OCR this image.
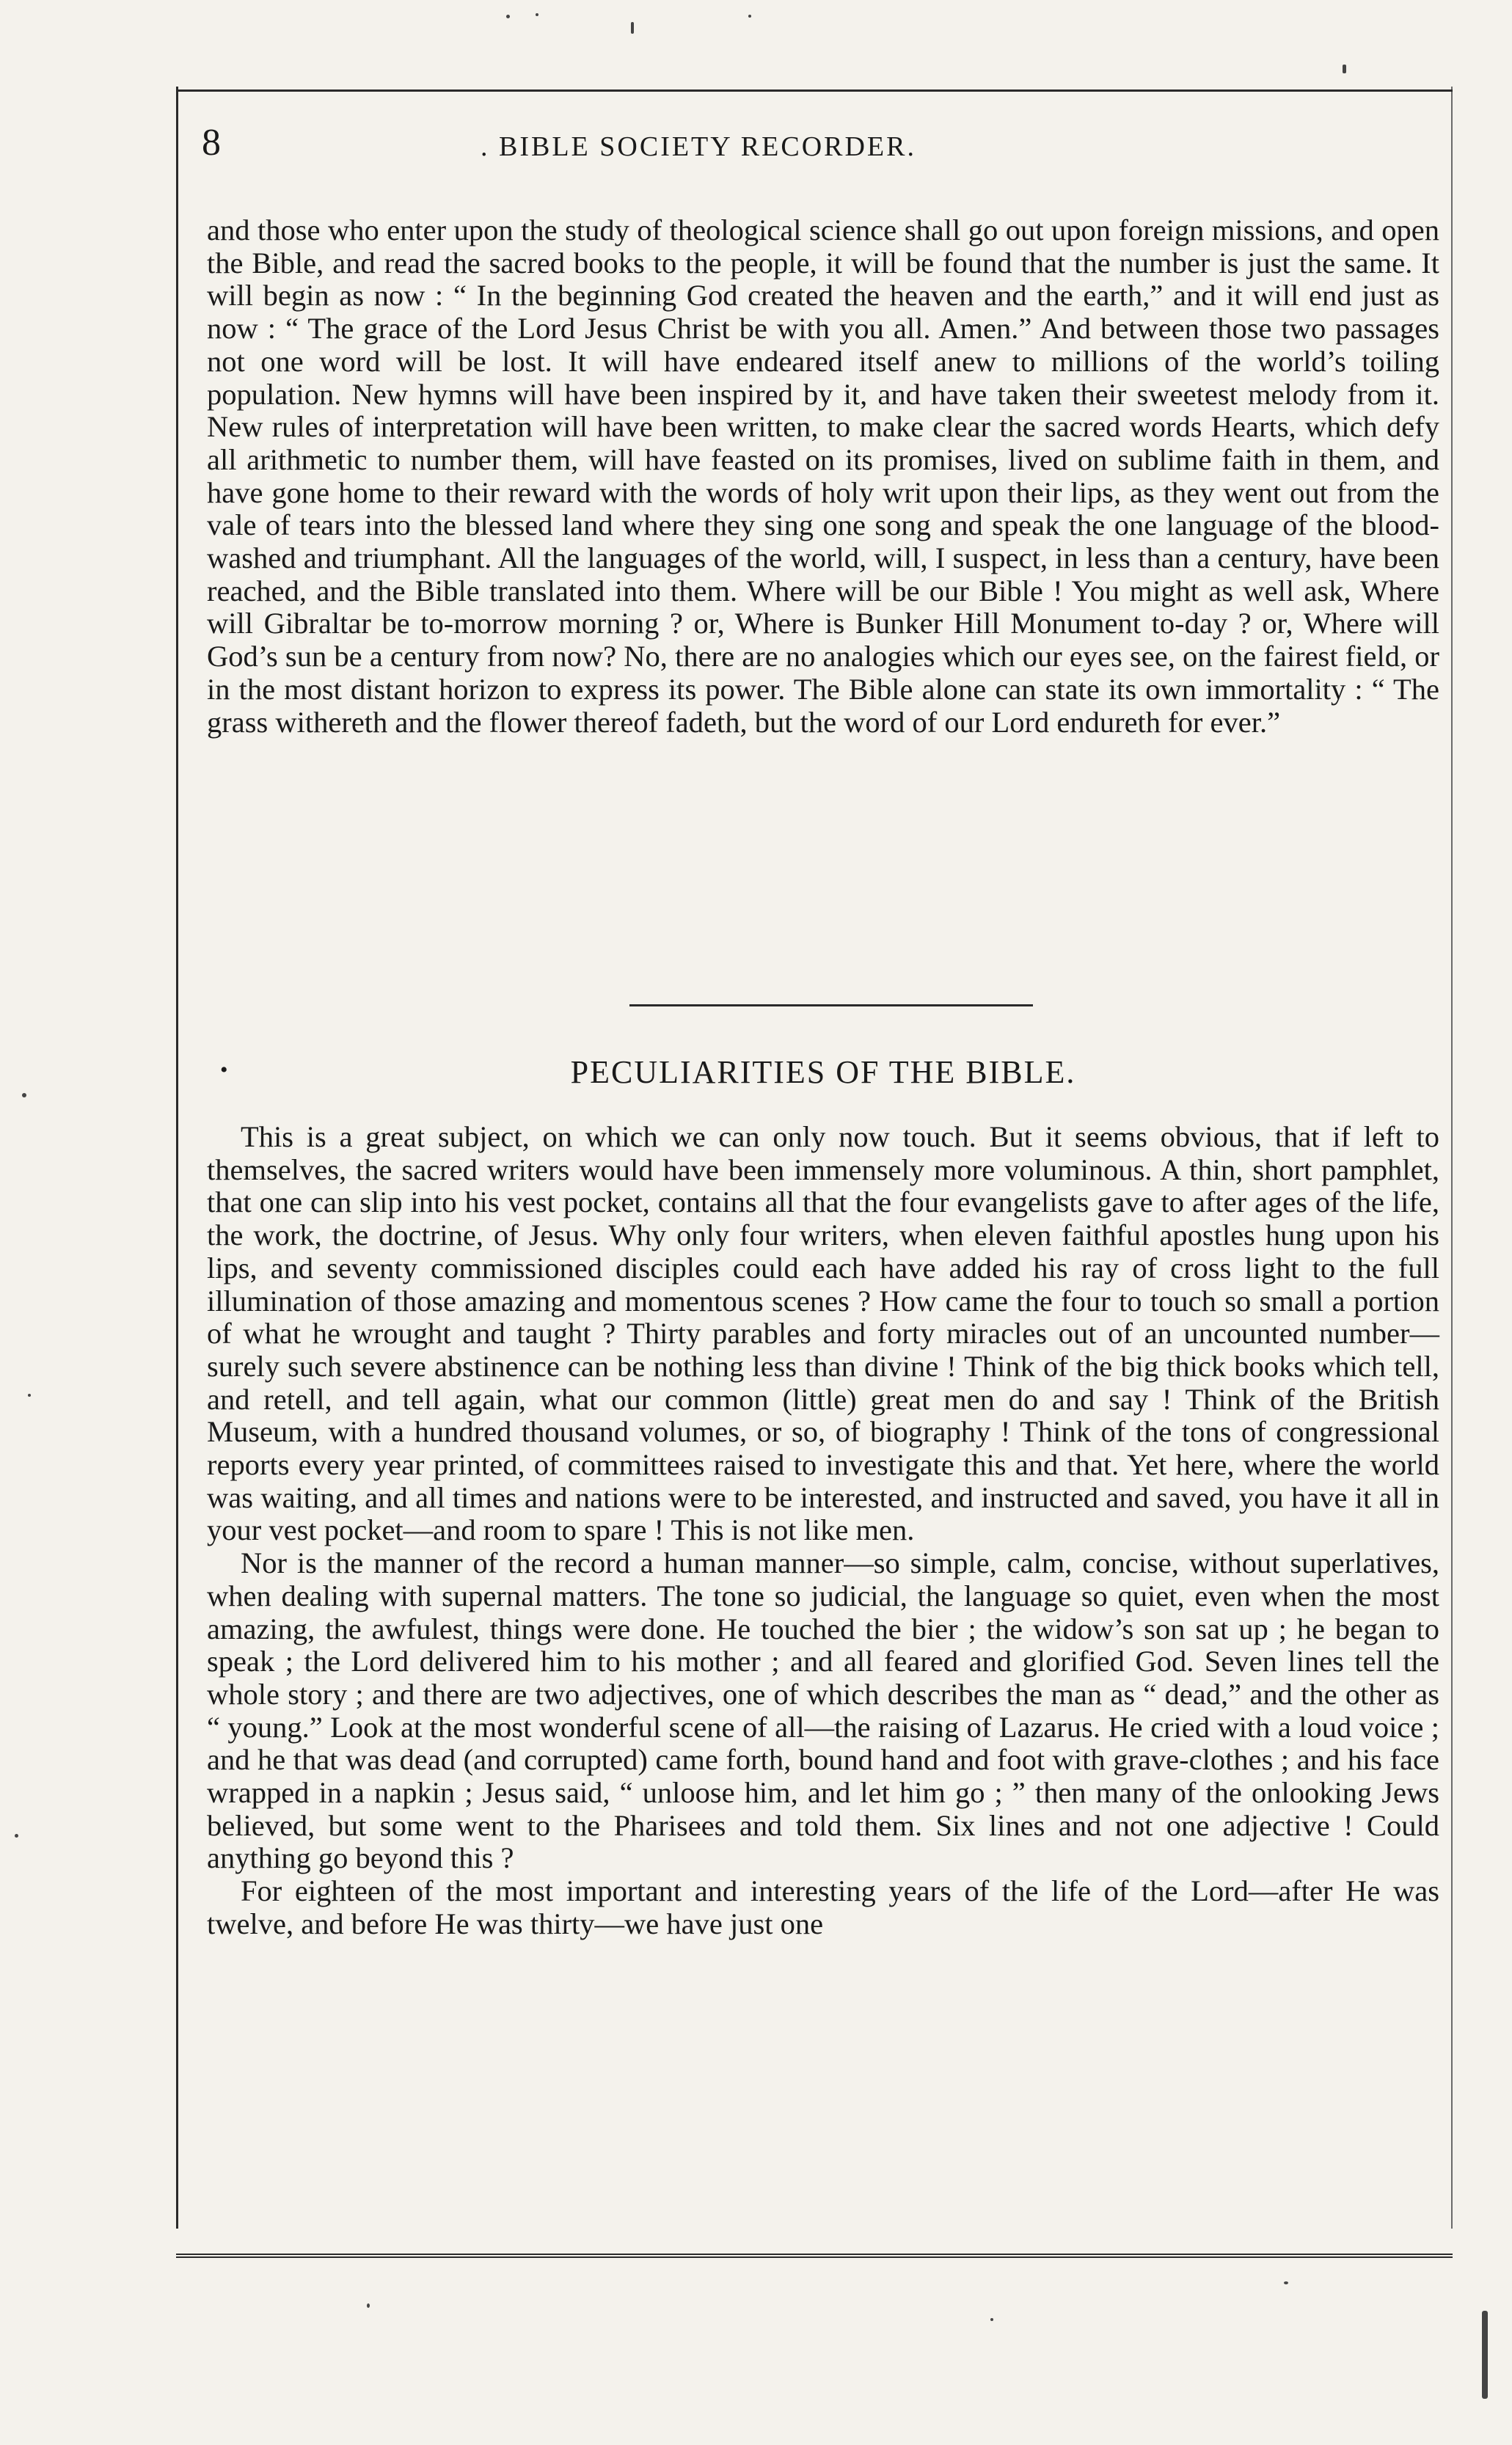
8	. BIBLE SOCIETY RECORDER.

and those who enter upon the study of theological science shall go out upon foreign missions, and open the Bible, and read the sacred books to the people, it will be found that the number is just the same. It will begin as now : “ In the beginning God created the heaven and the earth,” and it will end just as now : “ The grace of the Lord Jesus Christ be with you all. Amen.” And between those two passages not one word will be lost. It will have endeared itself anew to millions of the world’s toiling population. New hymns will have been inspired by it, and have taken their sweetest melody from it. New rules of interpretation will have been written, to make clear the sacred words Hearts, which defy all arithmetic to number them, will have feasted on its promises, lived on sublime faith in them, and have gone home to their reward with the words of holy writ upon their lips, as they went out from the vale of tears into the blessed land where they sing one song and speak the one language of the blood-washed and triumphant. All the languages of the world, will, I suspect, in less than a century, have been reached, and the Bible translated into them. Where will be our Bible ! You might as well ask, Where will Gibraltar be to-morrow morning ? or, Where is Bunker Hill Monument to-day ? or, Where will God’s sun be a century from now? No, there are no analogies which our eyes see, on the fairest field, or in the most distant horizon to express its power. The Bible alone can state its own immortality : “ The grass withereth and the flower thereof fadeth, but the word of our Lord endureth for ever.”

•	PECULIARITIES OF THE BIBLE.

This is a great subject, on which we can only now touch. But it seems obvious, that if left to themselves, the sacred writers would have been immensely more voluminous. A thin, short pamphlet, that one can slip into his vest pocket, contains all that the four evangelists gave to after ages of the life, the work, the doctrine, of Jesus. Why only four writers, when eleven faithful apostles hung upon his lips, and seventy commissioned disciples could each have added his ray of cross light to the full illumination of those amazing and momentous scenes ? How came the four to touch so small a portion of what he wrought and taught ? Thirty parables and forty miracles out of an uncounted number—surely such severe abstinence can be nothing less than divine ! Think of the big thick books which tell, and retell, and tell again, what our common (little) great men do and say ! Think of the British Museum, with a hundred thousand volumes, or so, of biography ! Think of the tons of congressional reports every year printed, of committees raised to investigate this and that. Yet here, where the world was waiting, and all times and nations were to be interested, and instructed and saved, you have it all in your vest pocket—and room to spare ! This is not like men.

Nor is the manner of the record a human manner—so simple, calm, concise, without superlatives, when dealing with supernal matters. The tone so judicial, the language so quiet, even when the most amazing, the awfulest, things were done. He touched the bier ; the widow’s son sat up ; he began to speak ; the Lord delivered him to his mother ; and all feared and glorified God. Seven lines tell the whole story ; and there are two adjectives, one of which describes the man as “ dead,” and the other as “ young.” Look at the most wonderful scene of all—the raising of Lazarus. He cried with a loud voice ; and he that was dead (and corrupted) came forth, bound hand and foot with grave-clothes ; and his face wrapped in a napkin ; Jesus said, “ unloose him, and let him go ; ” then many of the onlooking Jews believed, but some went to the Pharisees and told them. Six lines and not one adjective ! Could anything go beyond this ?

For eighteen of the most important and interesting years of the life of the Lord—after He was twelve, and before He was thirty—we have just one
